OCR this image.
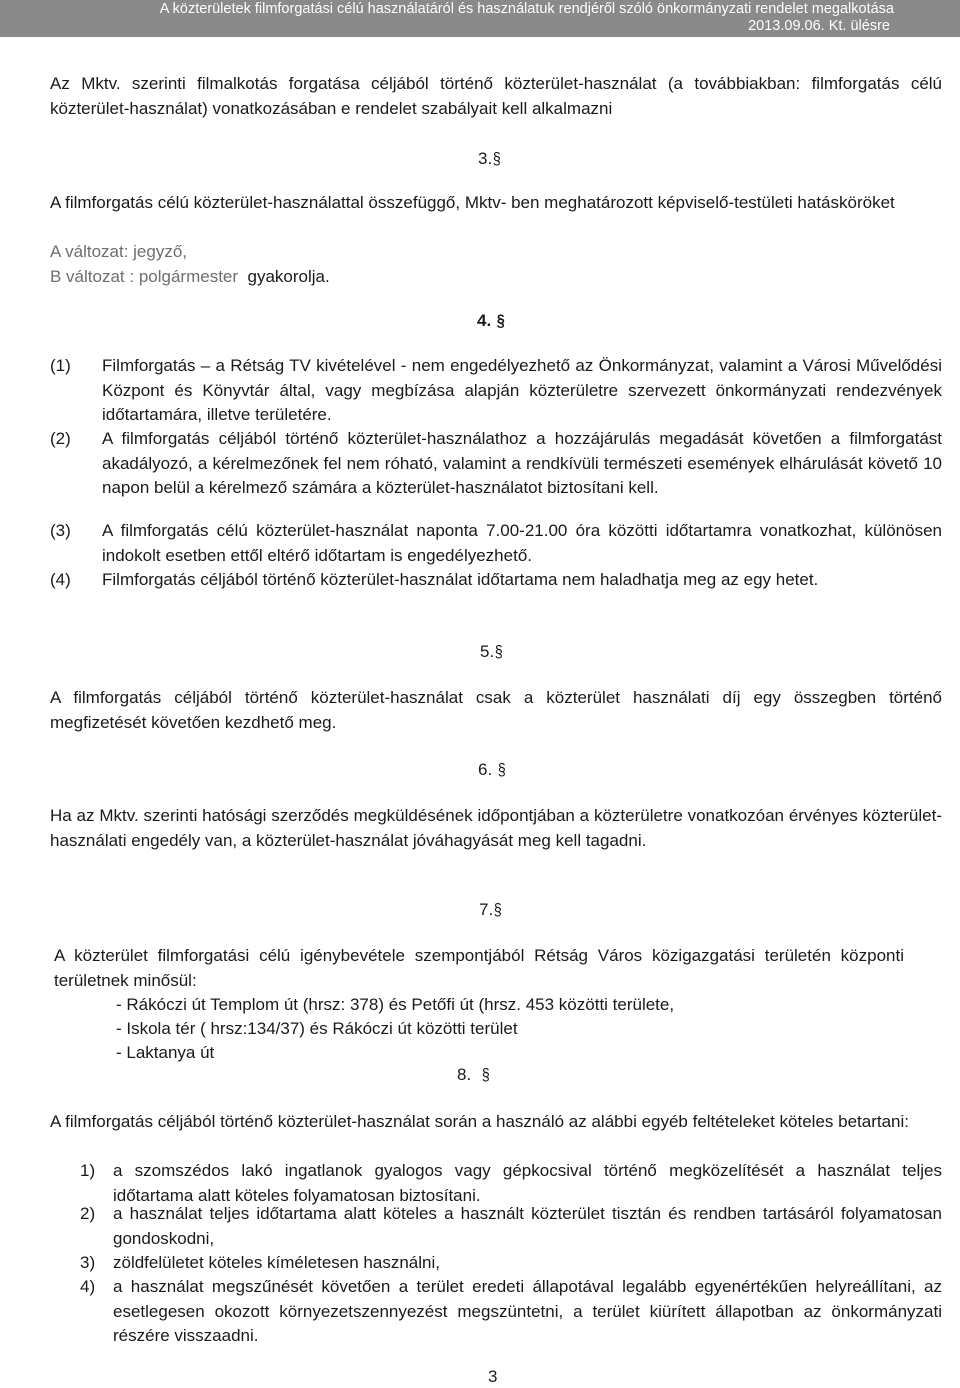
A közterületek filmforgatási célú használatáról és használatuk rendjéről szóló önkormányzati rendelet megalkotása
2013.09.06. Kt. ülésre

Az Mktv. szerinti filmalkotás forgatása céljából történő közterület-használat (a továbbiakban: filmforgatás célú közterület-használat) vonatkozásában e rendelet szabályait kell alkalmazni

3.§

A filmforgatás célú közterület-használattal összefüggő, Mktv- ben meghatározott képviselő-testületi hatásköröket

A változat: jegyző,
B változat : polgármester gyakorolja.
4. §
(1) Filmforgatás – a Rétság TV kivételével - nem engedélyezhető az Önkormányzat, valamint a Városi Művelődési Központ és Könyvtár által, vagy megbízása alapján közterületre szervezett önkormányzati rendezvények időtartamára, illetve területére.
(2) A filmforgatás céljából történő közterület-használathoz a hozzájárulás megadását követően a filmforgatást akadályozó, a kérelmezőnek fel nem róható, valamint a rendkívüli természeti események elhárulását követő 10 napon belül a kérelmező számára a közterület-használatot biztosítani kell.
(3) A filmforgatás célú közterület-használat naponta 7.00-21.00 óra közötti időtartamra vonatkozhat, különösen indokolt esetben ettől eltérő időtartam is engedélyezhető.
(4) Filmforgatás céljából történő közterület-használat időtartama nem haladhatja meg az egy hetet.
5.§

A filmforgatás céljából történő közterület-használat csak a közterület használati díj egy összegben történő megfizetését követően kezdhető meg.

6. §

Ha az Mktv. szerinti hatósági szerződés megküldésének időpontjában a közterületre vonatkozóan érvényes közterület-használati engedély van, a közterület-használat jóváhagyását meg kell tagadni.

7.§

A közterület filmforgatási célú igénybevétele szempontjából Rétság Város közigazgatási területén központi területnek minősül:

- Rákóczi út Templom út (hrsz: 378) és Petőfi út (hrsz. 453 közötti területe,
- Iskola tér ( hrsz:134/37) és Rákóczi út közötti terület
- Laktanya út
8. §

A filmforgatás céljából történő közterület-használat során a használó az alábbi egyéb feltételeket köteles betartani:

1) a szomszédos lakó ingatlanok gyalogos vagy gépkocsival történő megközelítését a használat teljes időtartama alatt köteles folyamatosan biztosítani.
2) a használat teljes időtartama alatt köteles a használt közterület tisztán és rendben tartásáról folyamatosan gondoskodni,
3) zöldfelületet köteles kíméletesen használni,
4) a használat megszűnését követően a terület eredeti állapotával legalább egyenértékűen helyreállítani, az esetlegesen okozott környezetszennyezést megszüntetni, a terület kiürített állapotban az önkormányzati részére visszaadni.
3
